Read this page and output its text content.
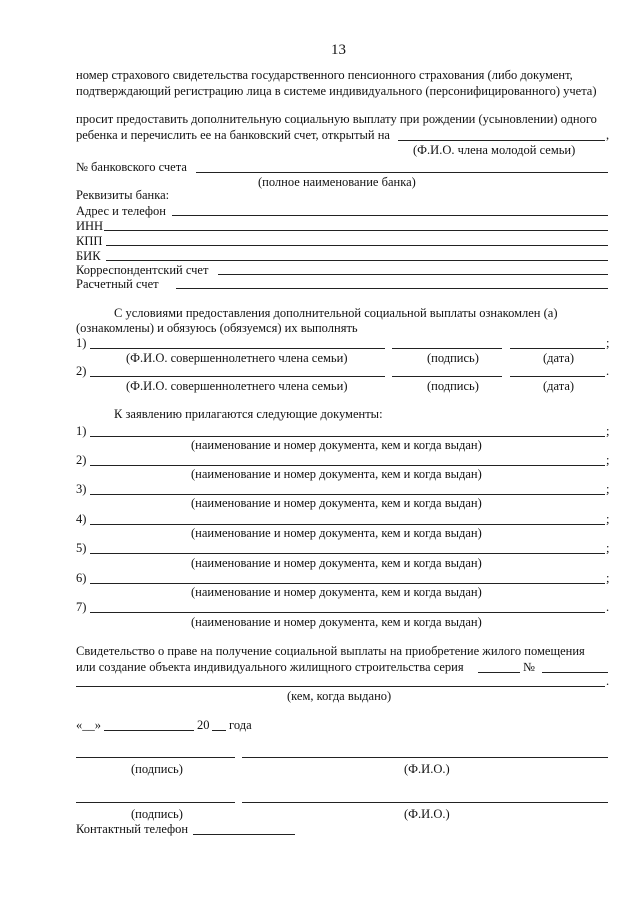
13
номер страхового свидетельства государственного пенсионного страхования (либо документ,
подтверждающий регистрацию лица в системе индивидуального (персонифицированного) учета)
просит предоставить дополнительную социальную выплату при рождении (усыновлении) одного
ребенка и перечислить ее на банковский счет, открытый на	,
(Ф.И.О. члена молодой семьи)
№ банковского счета
(полное наименование банка)
Реквизиты банка:
Адрес и телефон
ИНН
КПП
БИК
Корреспондентский счет
Расчетный счет
С условиями предоставления дополнительной социальной выплаты ознакомлен (а)
(ознакомлены) и обязуюсь (обязуемся) их выполнять
1)	;
(Ф.И.О. совершеннолетнего члена семьи)	(подпись)	(дата)
2)	.
(Ф.И.О. совершеннолетнего члена семьи)	(подпись)	(дата)
К заявлению прилагаются следующие документы:
1)	;
(наименование и номер документа, кем и когда выдан)
2)	;
(наименование и номер документа, кем и когда выдан)
3)	;
(наименование и номер документа, кем и когда выдан)
4)	;
(наименование и номер документа, кем и когда выдан)
5)	;
(наименование и номер документа, кем и когда выдан)
6)	;
(наименование и номер документа, кем и когда выдан)
7)	.
(наименование и номер документа, кем и когда выдан)
Свидетельство о праве на получение социальной выплаты на приобретение жилого помещения
или создание объекта индивидуального жилищного строительства серия	№
.
(кем, когда выдано)
«__»	20 года
(подпись)	(Ф.И.О.)
(подпись)	(Ф.И.О.)
Контактный телефон
